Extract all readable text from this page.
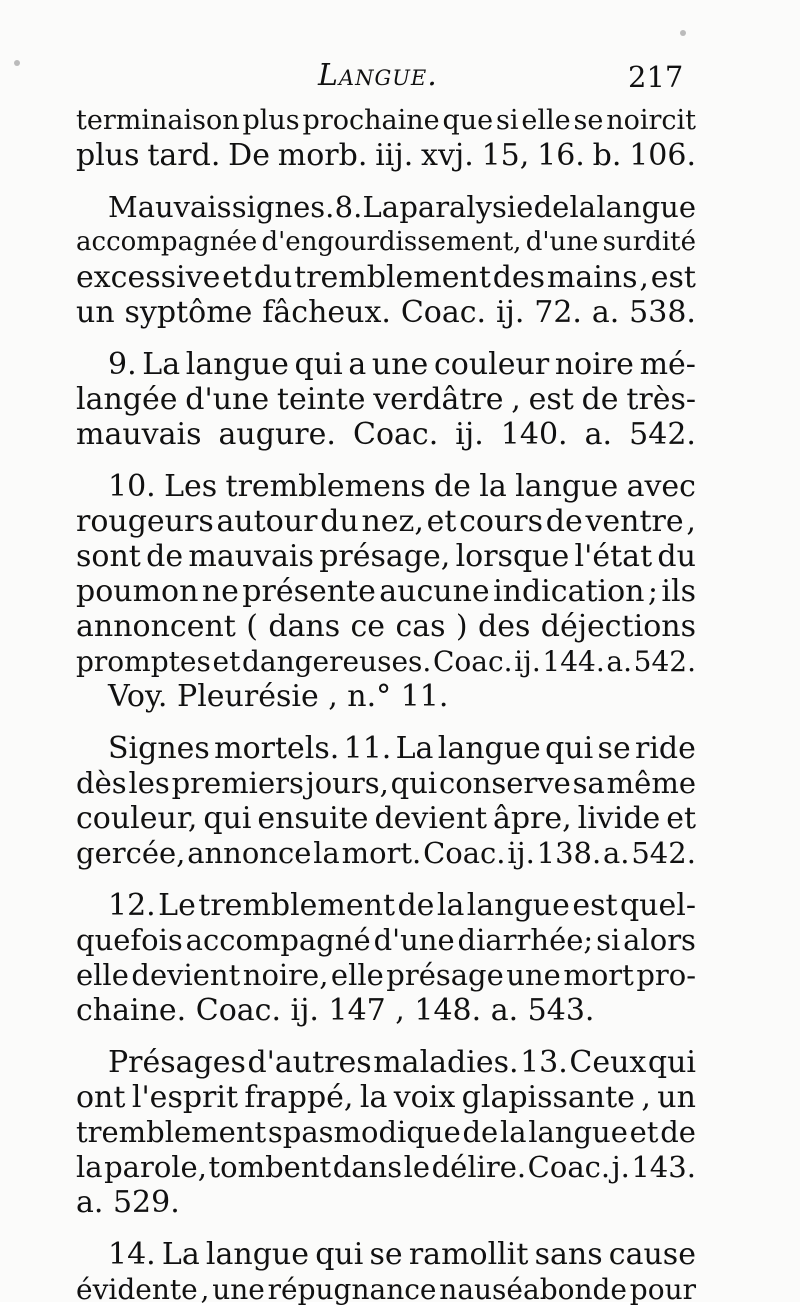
Langue.	217
terminaison plus prochaine que si elle se noircit
plus tard. De morb. iij. xvj. 15, 16. b. 106.
Mauvais signes. 8. La paralysie de la langue
accompagnée d'engourdissement, d'une surdité
excessive et du tremblement des mains , est
un syptôme fâcheux. Coac. ij. 72. a. 538.
9. La langue qui a une couleur noire mé-
langée d'une teinte verdâtre , est de très-
mauvais augure. Coac. ij. 140. a. 542.
10. Les tremblemens de la langue avec
rougeurs autour du nez, et cours de ventre ,
sont de mauvais présage, lorsque l'état du
poumon ne présente aucune indication ; ils
annoncent ( dans ce cas ) des déjections
promptes et dangereuses. Coac. ij. 144. a. 542.
Voy. Pleurésie , n.° 11.
Signes mortels. 11. La langue qui se ride
dès les premiers jours, qui conserve sa même
couleur, qui ensuite devient âpre, livide et
gercée, annonce la mort. Coac. ij. 138. a. 542.
12. Le tremblement de la langue est quel-
quefois accompagné d'une diarrhée; si alors
elle devient noire, elle présage une mort pro-
chaine. Coac. ij. 147 , 148. a. 543.
Présages d'autres maladies. 13. Ceux qui
ont l'esprit frappé, la voix glapissante , un
tremblement spasmodique de la langue et de
la parole, tombent dans le délire. Coac. j. 143.
a. 529.
14. La langue qui se ramollit sans cause
évidente , une répugnance nauséabonde pour
